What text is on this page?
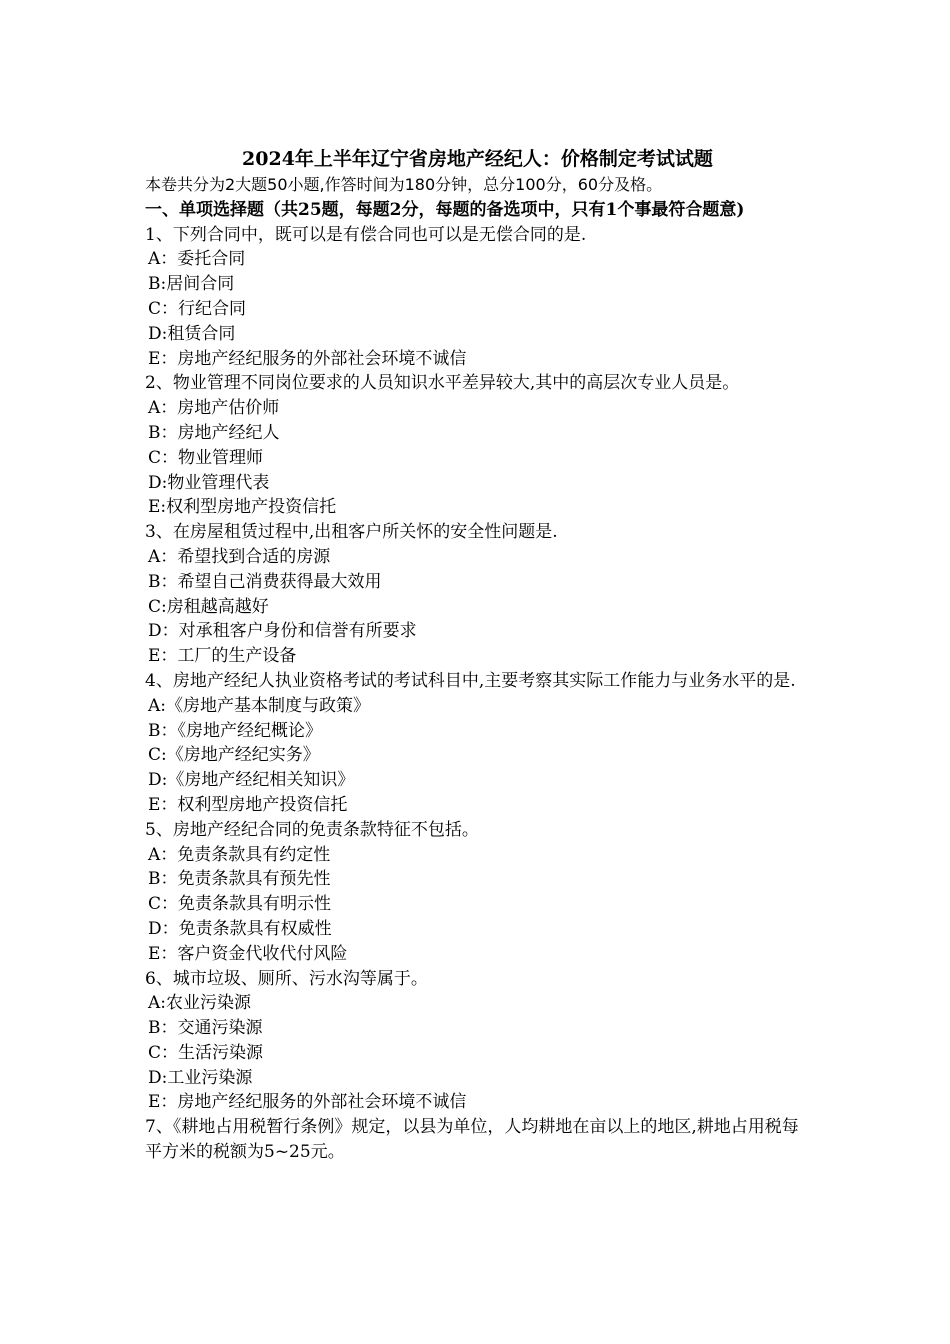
2024年上半年辽宁省房地产经纪人：价格制定考试试题
本卷共分为2大题50小题,作答时间为180分钟，总分100分，60分及格。
一、单项选择题（共25题，每题2分，每题的备选项中，只有1个事最符合题意)
1、下列合同中，既可以是有偿合同也可以是无偿合同的是.
A：委托合同
B:居间合同
C：行纪合同
D:租赁合同
E：房地产经纪服务的外部社会环境不诚信
2、物业管理不同岗位要求的人员知识水平差异较大,其中的高层次专业人员是。
A：房地产估价师
B：房地产经纪人
C：物业管理师
D:物业管理代表
E:权利型房地产投资信托
3、在房屋租赁过程中,出租客户所关怀的安全性问题是.
A：希望找到合适的房源
B：希望自己消费获得最大效用
C:房租越高越好
D：对承租客户身份和信誉有所要求
E：工厂的生产设备
4、房地产经纪人执业资格考试的考试科目中,主要考察其实际工作能力与业务水平的是.
A:《房地产基本制度与政策》
B：《房地产经纪概论》
C:《房地产经纪实务》
D:《房地产经纪相关知识》
E：权利型房地产投资信托
5、房地产经纪合同的免责条款特征不包括。
A：免责条款具有约定性
B：免责条款具有预先性
C：免责条款具有明示性
D：免责条款具有权威性
E：客户资金代收代付风险
6、城市垃圾、厕所、污水沟等属于。
A:农业污染源
B：交通污染源
C：生活污染源
D:工业污染源
E：房地产经纪服务的外部社会环境不诚信
7、《耕地占用税暂行条例》规定，以县为单位，人均耕地在亩以上的地区,耕地占用税每平方米的税额为5~25元。
